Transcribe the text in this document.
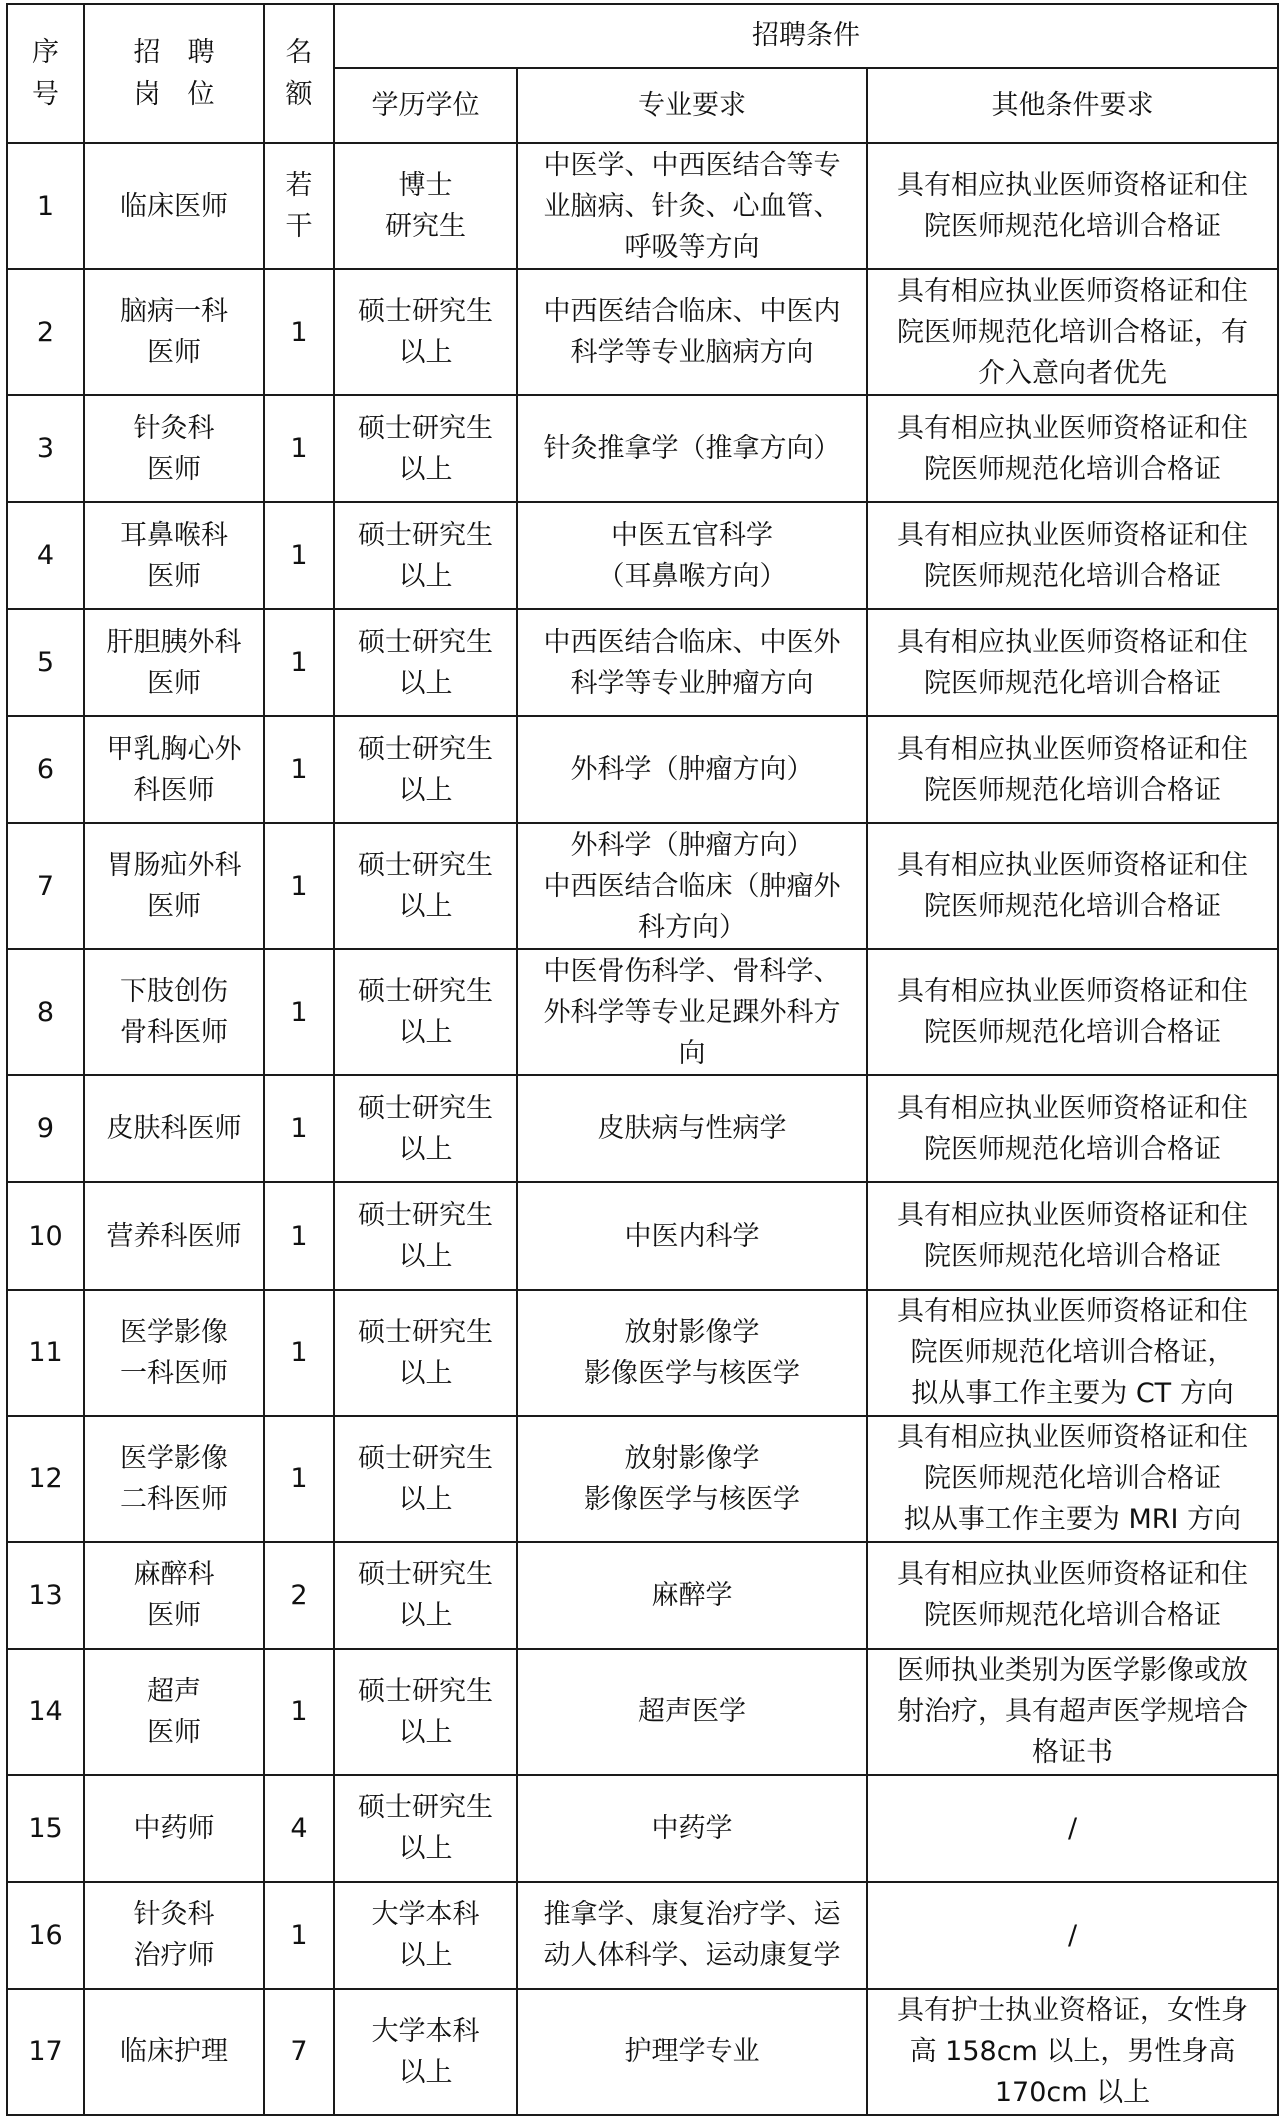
序
号	招　聘
岗　位	名
额	招聘条件		
			学历学位	专业要求	其他条件要求
1	临床医师	若
干	博士
研究生	中医学、中西医结合等专
业脑病、针灸、心血管、
呼吸等方向	具有相应执业医师资格证和住
院医师规范化培训合格证
2	脑病一科
医师	1	硕士研究生
以上	中西医结合临床、中医内
科学等专业脑病方向	具有相应执业医师资格证和住
院医师规范化培训合格证，有
介入意向者优先
3	针灸科
医师	1	硕士研究生
以上	针灸推拿学（推拿方向）	具有相应执业医师资格证和住
院医师规范化培训合格证
4	耳鼻喉科
医师	1	硕士研究生
以上	中医五官科学
（耳鼻喉方向）	具有相应执业医师资格证和住
院医师规范化培训合格证
5	肝胆胰外科
医师	1	硕士研究生
以上	中西医结合临床、中医外
科学等专业肿瘤方向	具有相应执业医师资格证和住
院医师规范化培训合格证
6	甲乳胸心外
科医师	1	硕士研究生
以上	外科学（肿瘤方向）	具有相应执业医师资格证和住
院医师规范化培训合格证
7	胃肠疝外科
医师	1	硕士研究生
以上	外科学（肿瘤方向）
中西医结合临床（肿瘤外
科方向）	具有相应执业医师资格证和住
院医师规范化培训合格证
8	下肢创伤
骨科医师	1	硕士研究生
以上	中医骨伤科学、骨科学、
外科学等专业足踝外科方
向	具有相应执业医师资格证和住
院医师规范化培训合格证
9	皮肤科医师	1	硕士研究生
以上	皮肤病与性病学	具有相应执业医师资格证和住
院医师规范化培训合格证
10	营养科医师	1	硕士研究生
以上	中医内科学	具有相应执业医师资格证和住
院医师规范化培训合格证
11	医学影像
一科医师	1	硕士研究生
以上	放射影像学
影像医学与核医学	具有相应执业医师资格证和住
院医师规范化培训合格证，
拟从事工作主要为 CT 方向
12	医学影像
二科医师	1	硕士研究生
以上	放射影像学
影像医学与核医学	具有相应执业医师资格证和住
院医师规范化培训合格证
拟从事工作主要为 MRI 方向
13	麻醉科
医师	2	硕士研究生
以上	麻醉学	具有相应执业医师资格证和住
院医师规范化培训合格证
14	超声
医师	1	硕士研究生
以上	超声医学	医师执业类别为医学影像或放
射治疗，具有超声医学规培合
格证书
15	中药师	4	硕士研究生
以上	中药学	/
16	针灸科
治疗师	1	大学本科
以上	推拿学、康复治疗学、运
动人体科学、运动康复学	/
17	临床护理	7	大学本科
以上	护理学专业	具有护士执业资格证，女性身
高 158cm 以上，男性身高
170cm 以上
